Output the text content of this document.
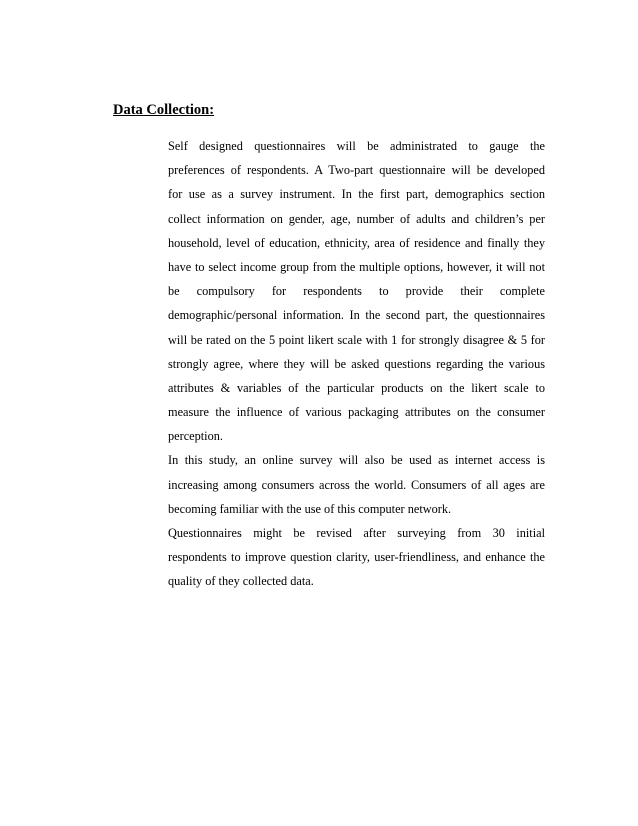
Data Collection:
Self designed questionnaires will be administrated to gauge the
preferences of respondents. A Two-part questionnaire will be developed
for use as a survey instrument. In the first part, demographics section
collect information on gender, age, number of adults and children’s per
household, level of education, ethnicity, area of residence and finally they
have to select income group from the multiple options, however, it will not
be compulsory for respondents to provide their complete
demographic/personal information. In the second part, the questionnaires
will be rated on the 5 point likert scale with 1 for strongly disagree & 5 for
strongly agree, where they will be asked questions regarding the various
attributes & variables of the particular products on the likert scale to
measure the influence of various packaging attributes on the consumer
perception.
In this study, an online survey will also be used as internet access is
increasing among consumers across the world. Consumers of all ages are
becoming familiar with the use of this computer network.
Questionnaires might be revised after surveying from 30 initial
respondents to improve question clarity, user-friendliness, and enhance the
quality of they collected data.
